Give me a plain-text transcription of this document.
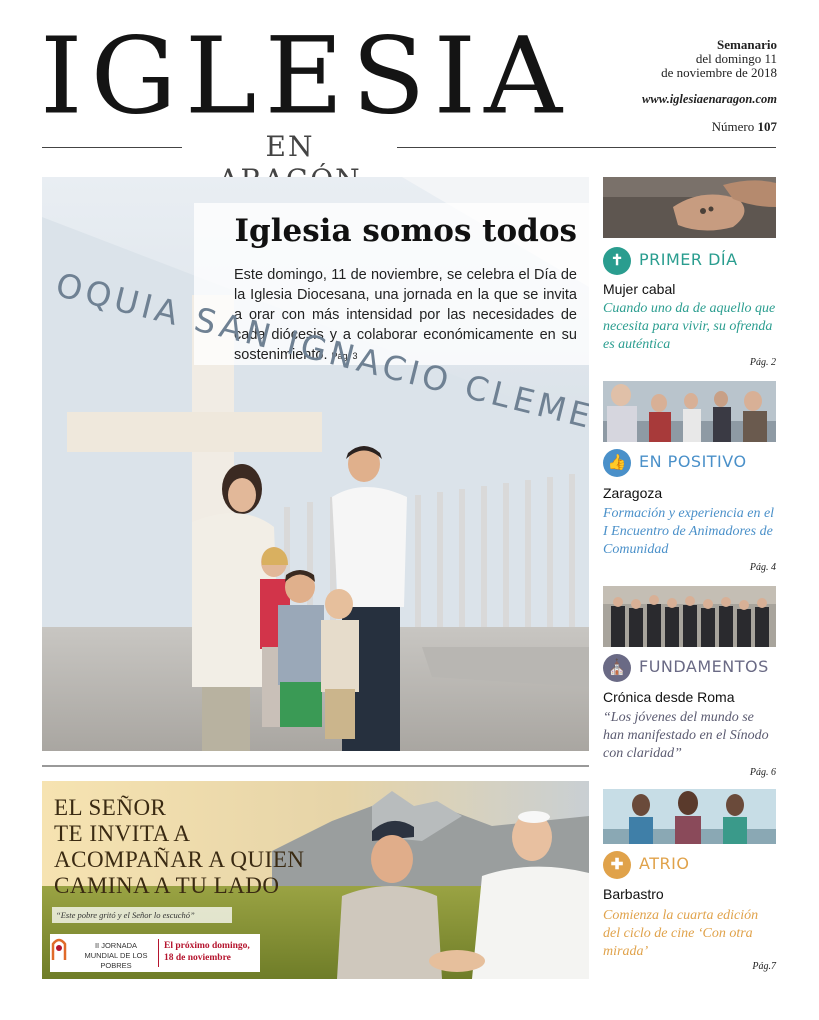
IGLESIA
EN
Semanario
del domingo 11
de noviembre de 2018
www.iglesiaenaragon.com
Número 107
Iglesia somos todos
Este domingo, 11 de noviembre, se celebra el Día de la Iglesia Diocesana, una jornada en la que se invita a orar con más intensidad por las necesidades de cada diócesis y a colaborar económicamente en su sostenimiento. Pág. 3
EL SEÑOR
TE INVITA A
ACOMPAÑAR A QUIEN
CAMINA A TU LADO
“Este pobre gritó y el Señor lo escuchó”
II JORNADA MUNDIAL DE LOS POBRES
El próximo domingo, 18 de noviembre
✝ PRIMER DÍA
Mujer cabal
Cuando uno da de aquello que necesita para vivir, su ofrenda es auténtica
Pág. 2
👍 EN POSITIVO
Zaragoza
Formación y experiencia en el I Encuentro de Animadores de Comunidad
Pág. 4
⛪ FUNDAMENTOS
Crónica desde Roma
“Los jóvenes del mundo se han manifestado en el Sínodo con claridad”
Pág. 6
✚ ATRIO
Barbastro
Comienza la cuarta edición del ciclo de cine ‘Con otra mirada’
Pág.7
